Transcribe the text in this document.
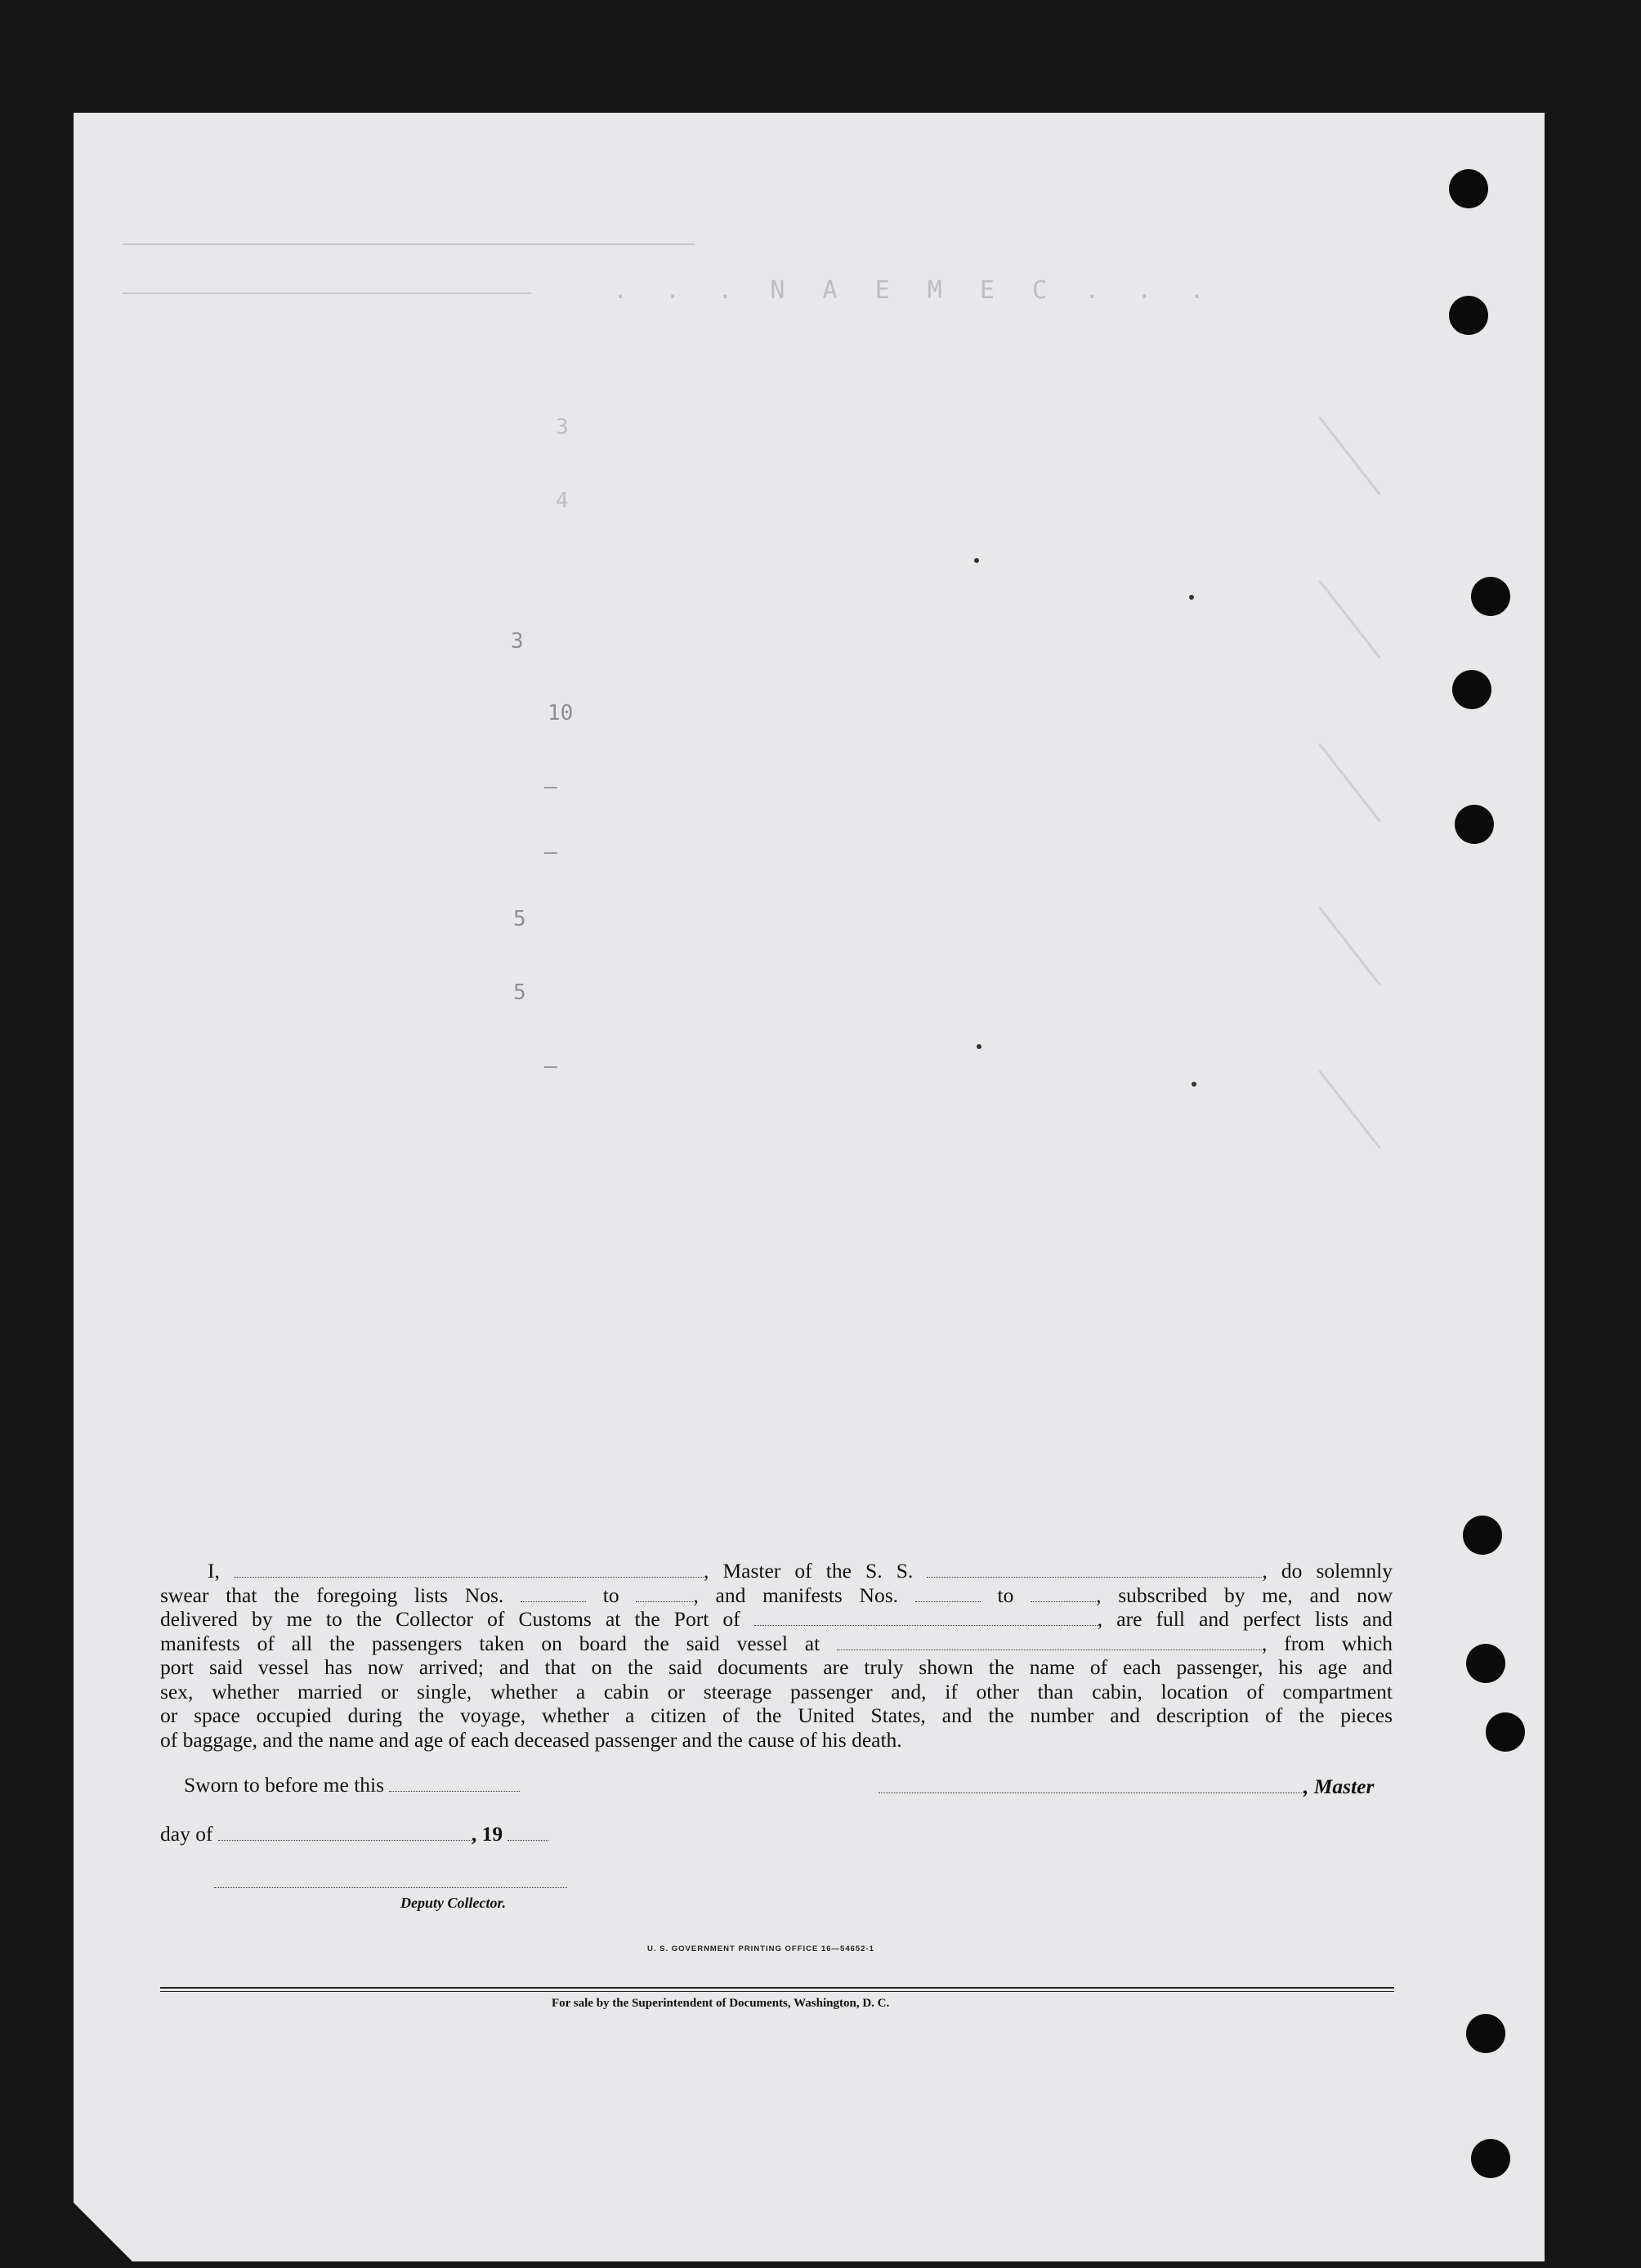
. . . N A E M E C . . .
3
4
3
10
–
–
5
5
–
I,	, Master of the S. S.	, do solemnly
swear that the foregoing lists Nos.	to	, and manifests Nos.	to	, subscribed by me, and now
delivered by me to the Collector of Customs at the Port of	, are full and perfect lists and
manifests of all the passengers taken on board the said vessel at	, from which
port said vessel has now arrived; and that on the said documents are truly shown the name of each passenger, his age and
sex, whether married or single, whether a cabin or steerage passenger and, if other than cabin, location of compartment
or space occupied during the voyage, whether a citizen of the United States, and the number and description of the pieces
of baggage, and the name and age of each deceased passenger and the cause of his death.
Sworn to before me this	, Master
day of	, 19
Deputy Collector.
U. S. GOVERNMENT PRINTING OFFICE 16—54652-1
For sale by the Superintendent of Documents, Washington, D. C.
